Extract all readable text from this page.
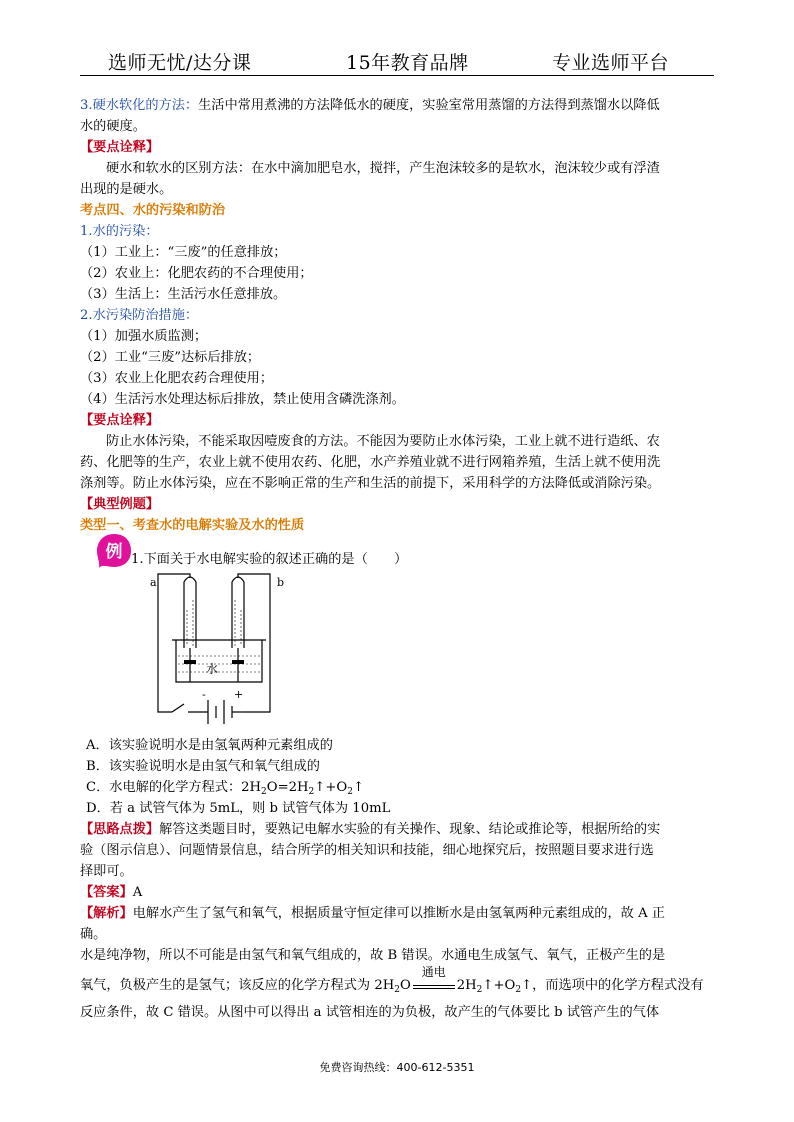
选师无忧/达分课	15年教育品牌	专业选师平台
3.硬水软化的方法：生活中常用煮沸的方法降低水的硬度，实验室常用蒸馏的方法得到蒸馏水以降低
水的硬度。
【要点诠释】
硬水和软水的区别方法：在水中滴加肥皂水，搅拌，产生泡沫较多的是软水，泡沫较少或有浮渣
出现的是硬水。
考点四、水的污染和防治
1.水的污染：
（1）工业上：“三废”的任意排放；
（2）农业上：化肥农药的不合理使用；
（3）生活上：生活污水任意排放。
2.水污染防治措施：
（1）加强水质监测；
（2）工业“三废”达标后排放；
（3）农业上化肥农药合理使用；
（4）生活污水处理达标后排放，禁止使用含磷洗涤剂。
【要点诠释】
防止水体污染，不能采取因噎废食的方法。不能因为要防止水体污染，工业上就不进行造纸、农
药、化肥等的生产，农业上就不使用农药、化肥，水产养殖业就不进行网箱养殖，生活上就不使用洗
涤剂等。防止水体污染，应在不影响正常的生产和生活的前提下，采用科学的方法降低或消除污染。
【典型例题】
类型一、考查水的电解实验及水的性质
例 1.下面关于水电解实验的叙述正确的是（　　）
a	b
水
-	+
A．该实验说明水是由氢氧两种元素组成的
B．该实验说明水是由氢气和氧气组成的
C．水电解的化学方程式：$2H_2O=2H_2↑+O_2↑$
D．若 a 试管气体为 5mL，则 b 试管气体为 10mL
【思路点拨】解答这类题目时，要熟记电解水实验的有关操作、现象、结论或推论等，根据所给的实
验（图示信息）、问题情景信息，结合所学的相关知识和技能，细心地探究后，按照题目要求进行选
择即可。
【答案】A
【解析】电解水产生了氢气和氧气，根据质量守恒定律可以推断水是由氢氧两种元素组成的，故 A 正
确。
水是纯净物，所以不可能是由氢气和氧气组成的，故 B 错误。水通电生成氢气、氧气，正极产生的是
氧气，负极产生的是氢气；该反应的化学方程式为 $2H_2O$
通电
$2H_2↑+O_2↑$，而选项中的化学方程式没有
反应条件，故 C 错误。从图中可以得出 a 试管相连的为负极，故产生的气体要比 b 试管产生的气体
免费咨询热线：400-612-5351
